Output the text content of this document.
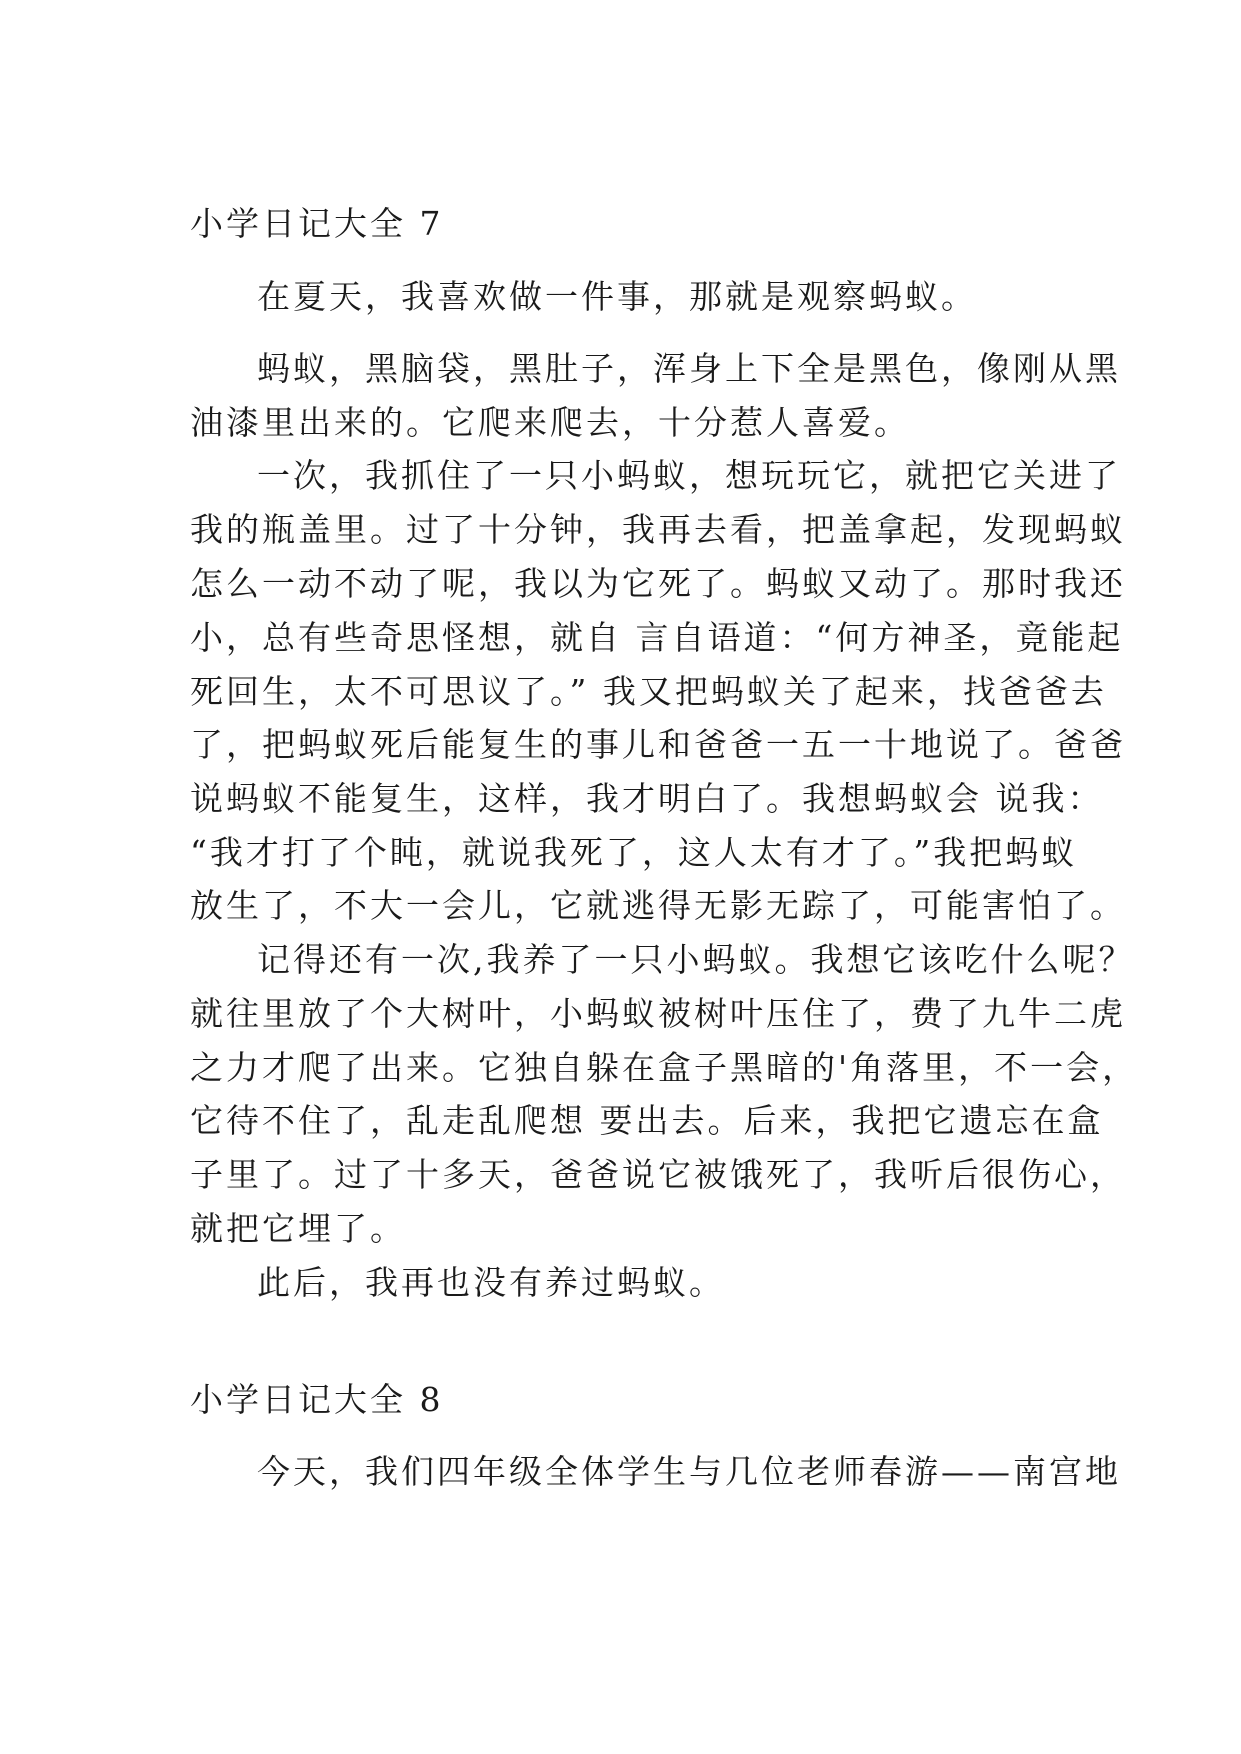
小学日记大全 7
在夏天，我喜欢做一件事，那就是观察蚂蚁。
蚂蚁，黑脑袋，黑肚子，浑身上下全是黑色，像刚从黑
油漆里出来的。它爬来爬去，十分惹人喜爱。
一次，我抓住了一只小蚂蚁，想玩玩它，就把它关进了
我的瓶盖里。过了十分钟，我再去看，把盖拿起，发现蚂蚁
怎么一动不动了呢，我以为它死了。蚂蚁又动了。那时我还
小，总有些奇思怪想，就自 言自语道：“何方神圣，竟能起
死回生，太不可思议了。” 我又把蚂蚁关了起来，找爸爸去
了，把蚂蚁死后能复生的事儿和爸爸一五一十地说了。爸爸
说蚂蚁不能复生，这样，我才明白了。我想蚂蚁会 说我：
“我才打了个盹，就说我死了，这人太有才了。”我把蚂蚁
放生了，不大一会儿，它就逃得无影无踪了，可能害怕了。
记得还有一次,我养了一只小蚂蚁。我想它该吃什么呢？
就往里放了个大树叶，小蚂蚁被树叶压住了，费了九牛二虎
之力才爬了出来。它独自躲在盒子黑暗的'角落里，不一会，
它待不住了，乱走乱爬想 要出去。后来，我把它遗忘在盒
子里了。过了十多天，爸爸说它被饿死了，我听后很伤心，
就把它埋了。
此后，我再也没有养过蚂蚁。
小学日记大全 8
今天，我们四年级全体学生与几位老师春游——南宫地
